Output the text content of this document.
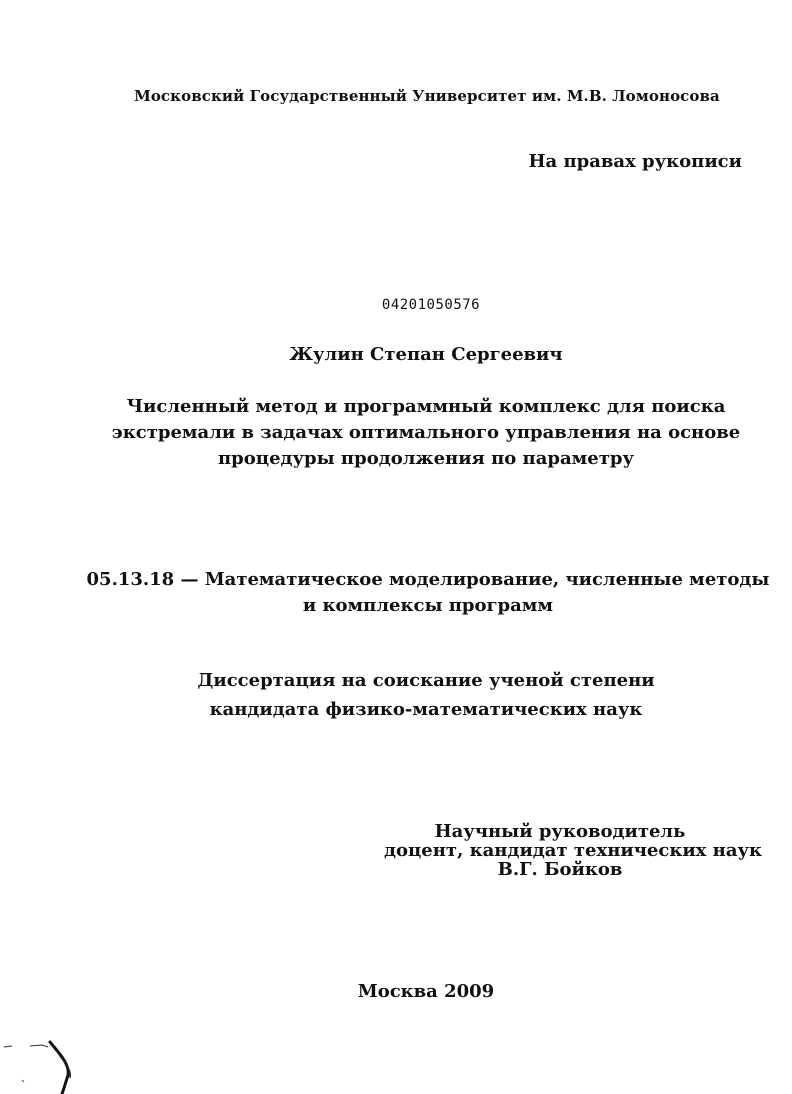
Московский Государственный Университет им. М.В. Ломоносова
На правах рукописи
04201050576
Жулин Степан Сергеевич
Численный метод и программный комплекс для поиска
экстремали в задачах оптимального управления на основе
процедуры продолжения по параметру
05.13.18 — Математическое моделирование, численные методы
и комплексы программ
Диссертация на соискание ученой степени
кандидата физико-математических наук
Научный руководитель
доцент, кандидат технических наук
В.Г. Бойков
Москва 2009
